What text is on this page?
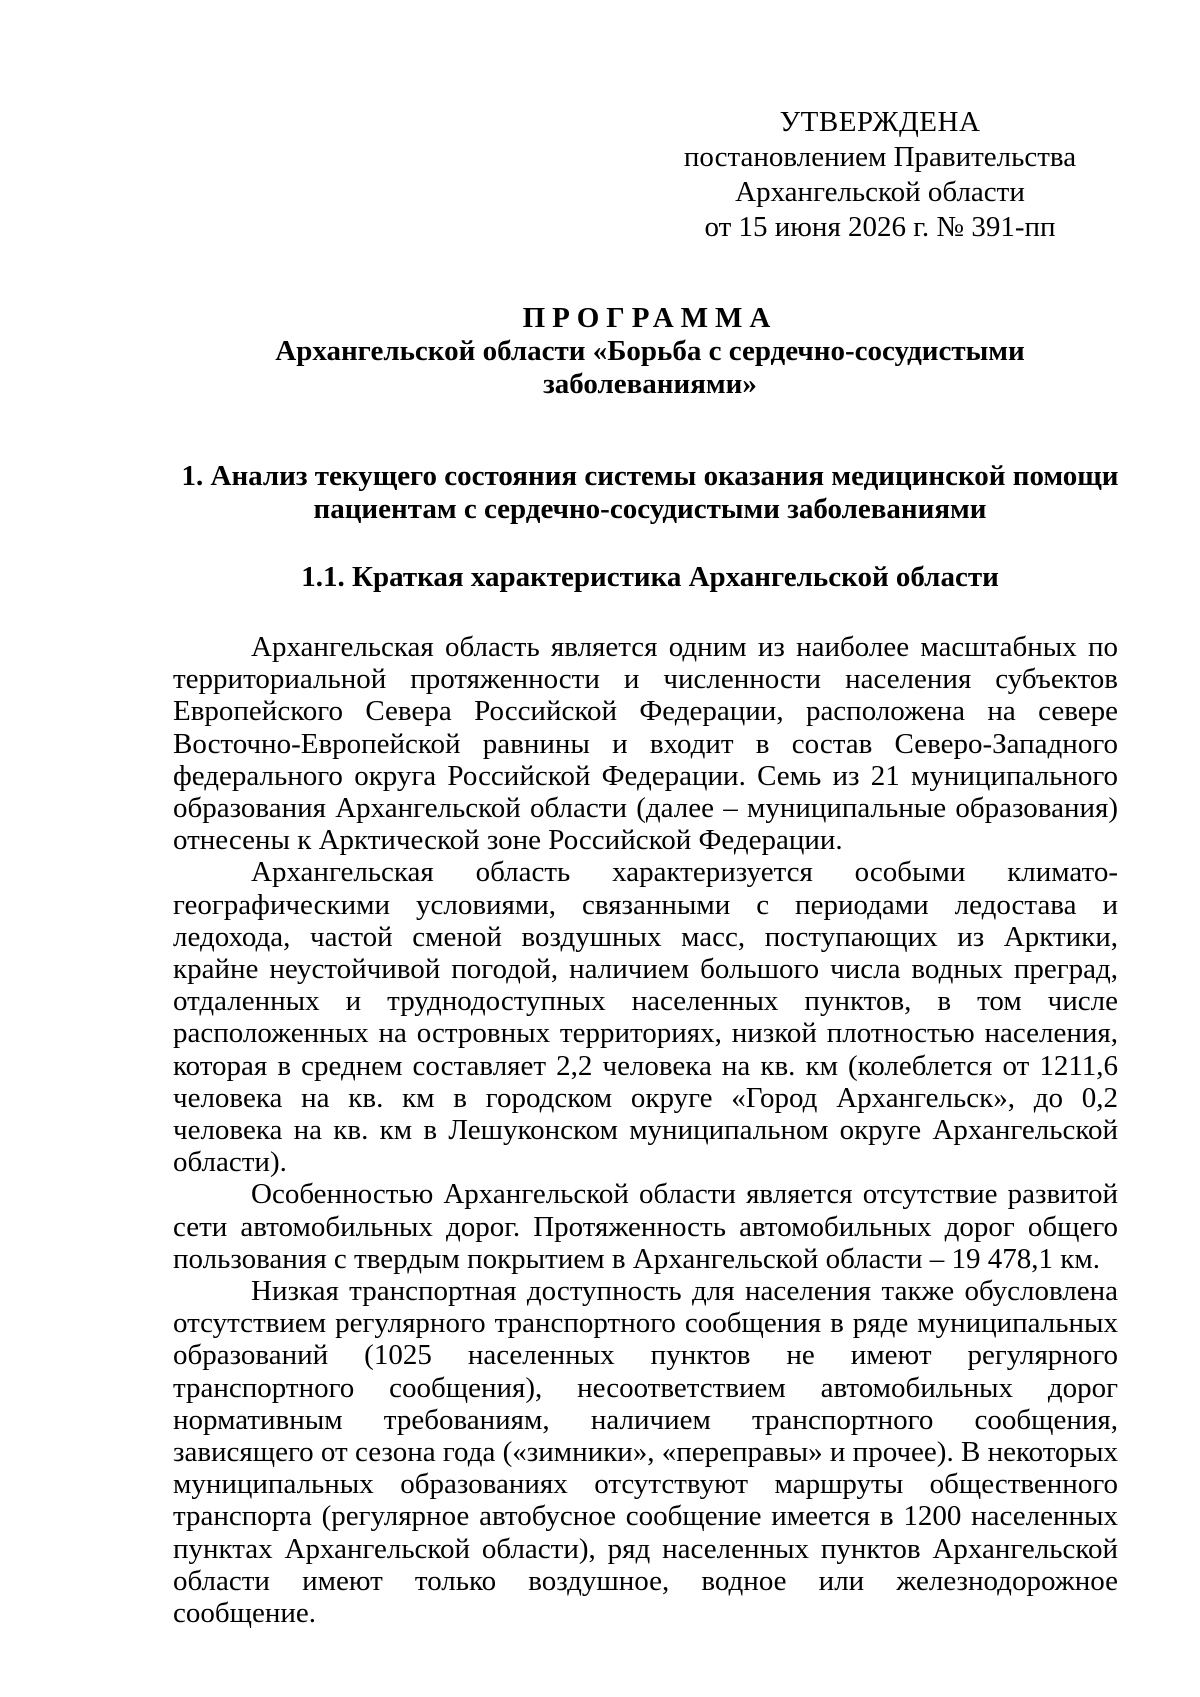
УТВЕРЖДЕНА
постановлением Правительства
Архангельской области
от 15 июня 2026 г. № 391-пп
ПРОГРАММА
Архангельской области «Борьба с сердечно-сосудистыми заболеваниями»
1. Анализ текущего состояния системы оказания медицинской помощи пациентам с сердечно-сосудистыми заболеваниями
1.1. Краткая характеристика Архангельской области

Архангельская область является одним из наиболее масштабных по территориальной протяженности и численности населения субъектов Европейского Севера Российской Федерации, расположена на севере Восточно-Европейской равнины и входит в состав Северо-Западного федерального округа Российской Федерации. Семь из 21 муниципального образования Архангельской области (далее – муниципальные образования) отнесены к Арктической зоне Российской Федерации.

Архангельская область характеризуется особыми климато-географическими условиями, связанными с периодами ледостава и ледохода, частой сменой воздушных масс, поступающих из Арктики, крайне неустойчивой погодой, наличием большого числа водных преград, отдаленных и труднодоступных населенных пунктов, в том числе расположенных на островных территориях, низкой плотностью населения, которая в среднем составляет 2,2 человека на кв. км (колеблется от 1211,6 человека на кв. км в городском округе «Город Архангельск», до 0,2 человека на кв. км в Лешуконском муниципальном округе Архангельской области).

Особенностью Архангельской области является отсутствие развитой сети автомобильных дорог. Протяженность автомобильных дорог общего пользования с твердым покрытием в Архангельской области – 19 478,1 км.

Низкая транспортная доступность для населения также обусловлена отсутствием регулярного транспортного сообщения в ряде муниципальных образований (1025 населенных пунктов не имеют регулярного транспортного сообщения), несоответствием автомобильных дорог нормативным требованиям, наличием транспортного сообщения, зависящего от сезона года («зимники», «переправы» и прочее). В некоторых муниципальных образованиях отсутствуют маршруты общественного транспорта (регулярное автобусное сообщение имеется в 1200 населенных пунктах Архангельской области), ряд населенных пунктов Архангельской области имеют только воздушное, водное или железнодорожное сообщение.
